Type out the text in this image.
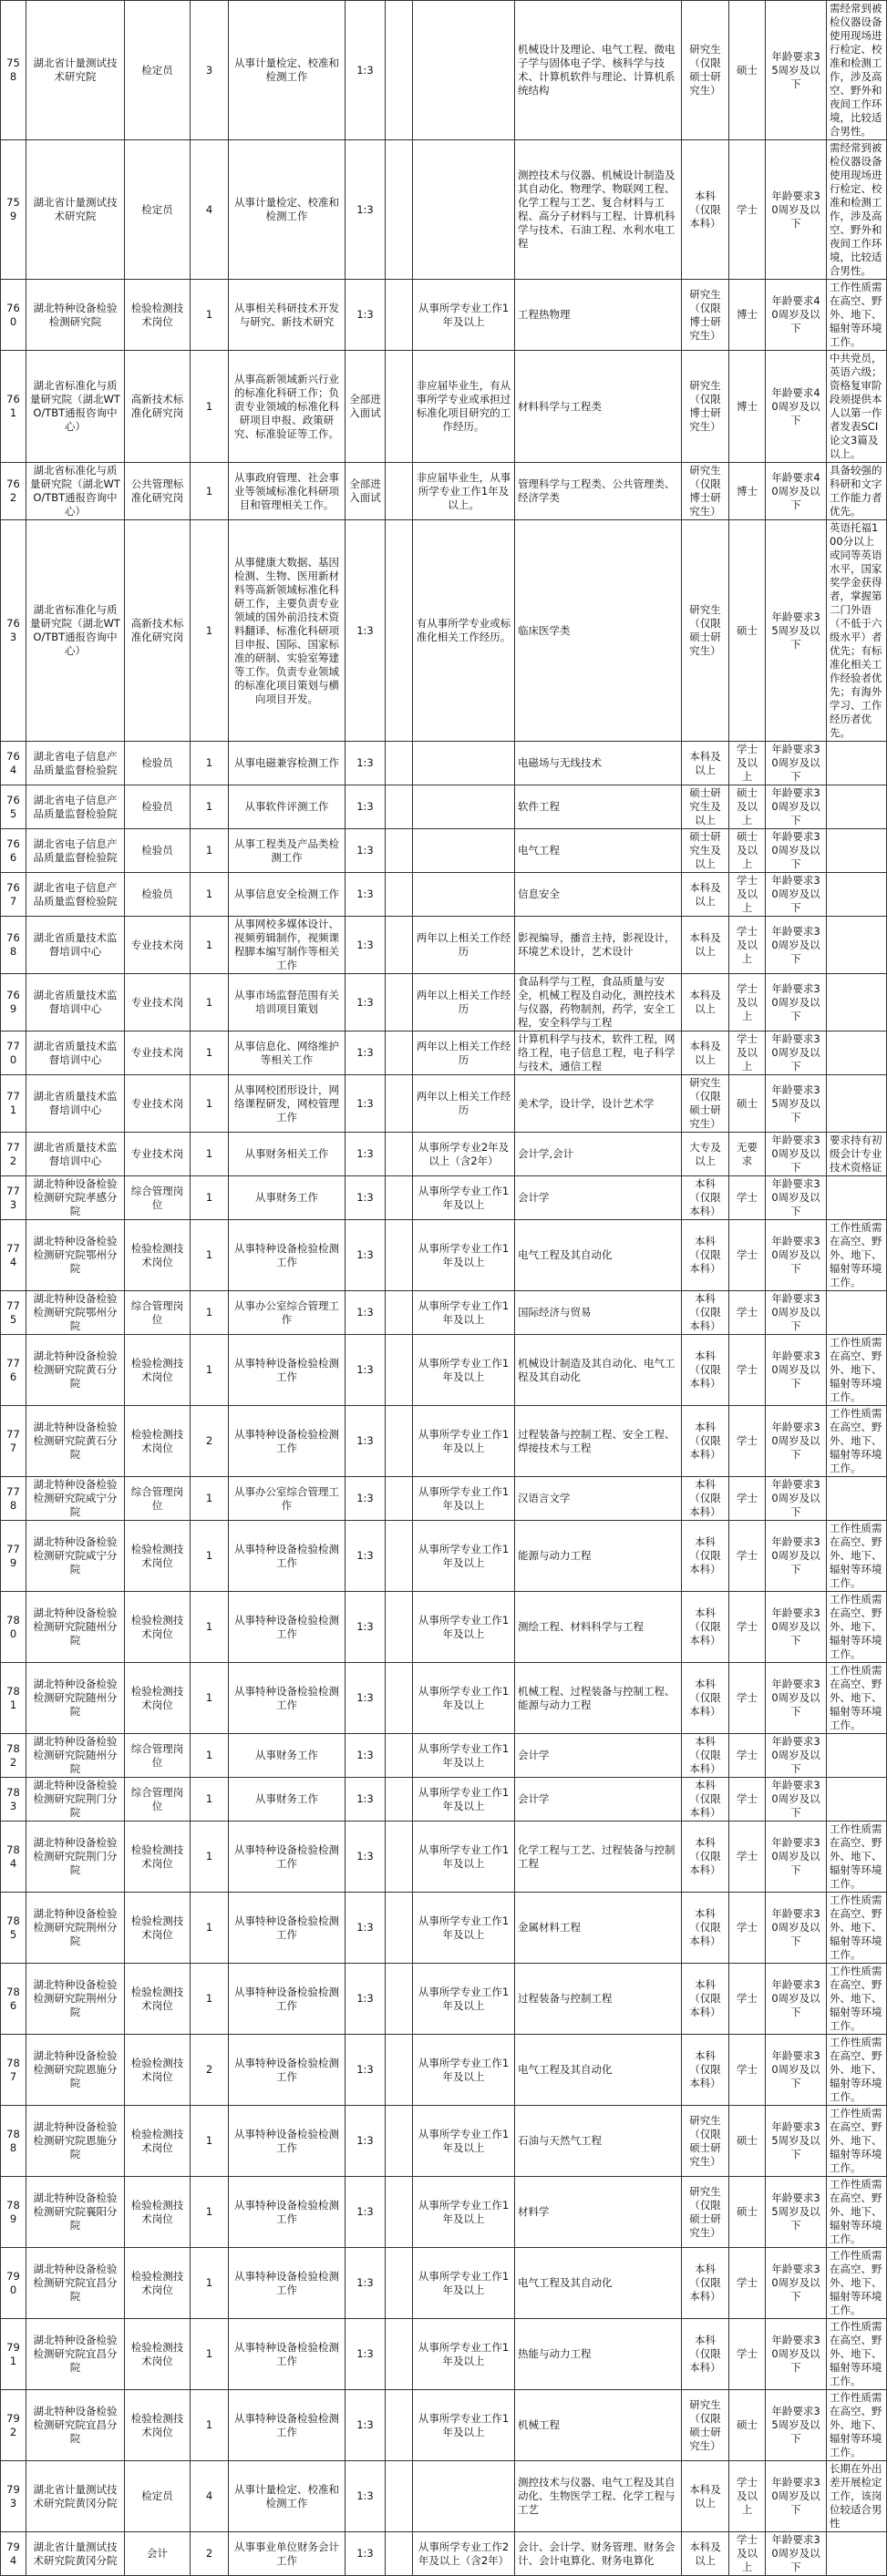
758	湖北省计量测试技术研究院	检定员	3	从事计量检定、校准和检测工作	1:3			机械设计及理论、电气工程、微电子学与固体电子学、核科学与技术、计算机软件与理论、计算机系统结构	研究生（仅限硕士研究生）	硕士	年龄要求35周岁及以下	需经常到被检仪器设备使用现场进行检定、校准和检测工作，涉及高空、野外和夜间工作环境，比较适合男性。
759	湖北省计量测试技术研究院	检定员	4	从事计量检定、校准和检测工作	1:3			测控技术与仪器、机械设计制造及其自动化、物理学、物联网工程、化学工程与工艺、复合材料与工程、高分子材料与工程、计算机科学与技术、石油工程、水利水电工程	本科（仅限本科）	学士	年龄要求30周岁及以下	需经常到被检仪器设备使用现场进行检定、校准和检测工作，涉及高空、野外和夜间工作环境，比较适合男性。
760	湖北特种设备检验检测研究院	检验检测技术岗位	1	从事相关科研技术开发与研究、新技术研究	1:3		从事所学专业工作1年及以上	工程热物理	研究生（仅限博士研究生）	博士	年龄要求40周岁及以下	工作性质需在高空、野外、地下、辐射等环境工作。
761	湖北省标准化与质量研究院（湖北WTO/TBT通报咨询中心）	高新技术标准化研究岗	1	从事高新领域新兴行业的标准化科研工作；负责专业领域的标准化科研项目申报、政策研究、标准验证等工作。	全部进入面试		非应届毕业生，有从事所学专业或承担过标准化项目研究的工作经历。	材料科学与工程类	研究生（仅限博士研究生）	博士	年龄要求40周岁及以下	中共党员，英语六级；资格复审阶段须提供本人以第一作者发表SCI论文3篇及以上。
762	湖北省标准化与质量研究院（湖北WTO/TBT通报咨询中心）	公共管理标准化研究岗	1	从事政府管理、社会事业等领域标准化科研项目和管理相关工作。	全部进入面试		非应届毕业生，从事所学专业工作1年及以上。	管理科学与工程类、公共管理类、经济学类	研究生（仅限博士研究生）	博士	年龄要求40周岁及以下	具备较强的科研和文字工作能力者优先。
763	湖北省标准化与质量研究院（湖北WTO/TBT通报咨询中心）	高新技术标准化研究岗	1	从事健康大数据、基因检测、生物、医用新材料等高新领域标准化科研工作，主要负责专业领域的国外前沿技术资料翻译、标准化科研项目申报、国际、国家标准的研制、实验室筹建等工作。负责专业领域的标准化项目策划与横向项目开发。	1:3		有从事所学专业或标准化相关工作经历。	临床医学类	研究生（仅限硕士研究生）	硕士	年龄要求35周岁及以下	英语托福100分以上或同等英语水平，国家奖学金获得者，掌握第二门外语（不低于六级水平）者优先；有标准化相关工作经验者优先；有海外学习、工作经历者优先。
764	湖北省电子信息产品质量监督检验院	检验员	1	从事电磁兼容检测工作	1:3			电磁场与无线技术	本科及以上	学士及以上	年龄要求30周岁及以下	
765	湖北省电子信息产品质量监督检验院	检验员	1	从事软件评测工作	1:3			软件工程	硕士研究生及以上	硕士及以上	年龄要求30周岁及以下	
766	湖北省电子信息产品质量监督检验院	检验员	1	从事工程类及产品类检测工作	1:3			电气工程	硕士研究生及以上	硕士及以上	年龄要求30周岁及以下	
767	湖北省电子信息产品质量监督检验院	检验员	1	从事信息安全检测工作	1:3			信息安全	本科及以上	学士及以上	年龄要求30周岁及以下	
768	湖北省质量技术监督培训中心	专业技术岗	1	从事网校多媒体设计、视频剪辑制作，视频课程脚本编写制作等相关工作	1:3		两年以上相关工作经历	影视编导，播音主持，影视设计，环境艺术设计，艺术设计	本科及以上	学士及以上	年龄要求30周岁及以下	
769	湖北省质量技术监督培训中心	专业技术岗	1	从事市场监督范围有关培训项目策划	1:3		两年以上相关工作经历	食品科学与工程，食品质量与安全，机械工程及自动化，测控技术与仪器，药物制剂，药学，安全工程，安全科学与工程	本科及以上	学士及以上	年龄要求30周岁及以下	
770	湖北省质量技术监督培训中心	专业技术岗	1	从事信息化、网络维护等相关工作	1:3		两年以上相关工作经历	计算机科学与技术，软件工程，网络工程，电子信息工程，电子科学与技术，通信工程	本科及以上	学士及以上	年龄要求30周岁及以下	
771	湖北省质量技术监督培训中心	专业技术岗	1	从事网校团形设计，网络课程研发，网校管理工作	1:3		两年以上相关工作经历	美术学，设计学，设计艺术学	研究生（仅限硕士研究生）	硕士	年龄要求35周岁及以下	
772	湖北省质量技术监督培训中心	专业技术岗	1	从事财务相关工作	1:3		从事所学专业2年及以上（含2年）	会计学,会计	大专及以上	无要求	年龄要求30周岁及以下	要求持有初级会计专业技术资格证
773	湖北特种设备检验检测研究院孝感分院	综合管理岗位	1	从事财务工作	1:3		从事所学专业工作1年及以上	会计学	本科（仅限本科）	学士	年龄要求30周岁及以下	
774	湖北特种设备检验检测研究院鄂州分院	检验检测技术岗位	1	从事特种设备检验检测工作	1:3		从事所学专业工作1年及以上	电气工程及其自动化	本科（仅限本科）	学士	年龄要求30周岁及以下	工作性质需在高空、野外、地下、辐射等环境工作。
775	湖北特种设备检验检测研究院鄂州分院	综合管理岗位	1	从事办公室综合管理工作	1:3		从事所学专业工作1年及以上	国际经济与贸易	本科（仅限本科）	学士	年龄要求30周岁及以下	
776	湖北特种设备检验检测研究院黄石分院	检验检测技术岗位	1	从事特种设备检验检测工作	1:3		从事所学专业工作1年及以上	机械设计制造及其自动化、电气工程及其自动化	本科（仅限本科）	学士	年龄要求30周岁及以下	工作性质需在高空、野外、地下、辐射等环境工作。
777	湖北特种设备检验检测研究院黄石分院	检验检测技术岗位	2	从事特种设备检验检测工作	1:3		从事所学专业工作1年及以上	过程装备与控制工程、安全工程、焊接技术与工程	本科（仅限本科）	学士	年龄要求30周岁及以下	工作性质需在高空、野外、地下、辐射等环境工作。
778	湖北特种设备检验检测研究院咸宁分院	综合管理岗位	1	从事办公室综合管理工作	1:3		从事所学专业工作1年及以上	汉语言文学	本科（仅限本科）	学士	年龄要求30周岁及以下	
779	湖北特种设备检验检测研究院咸宁分院	检验检测技术岗位	1	从事特种设备检验检测工作	1:3		从事所学专业工作1年及以上	能源与动力工程	本科（仅限本科）	学士	年龄要求30周岁及以下	工作性质需在高空、野外、地下、辐射等环境工作。
780	湖北特种设备检验检测研究院随州分院	检验检测技术岗位	1	从事特种设备检验检测工作	1:3		从事所学专业工作1年及以上	测绘工程、材料科学与工程	本科（仅限本科）	学士	年龄要求30周岁及以下	工作性质需在高空、野外、地下、辐射等环境工作。
781	湖北特种设备检验检测研究院随州分院	检验检测技术岗位	1	从事特种设备检验检测工作	1:3		从事所学专业工作1年及以上	机械工程、过程装备与控制工程、能源与动力工程	本科（仅限本科）	学士	年龄要求30周岁及以下	工作性质需在高空、野外、地下、辐射等环境工作。
782	湖北特种设备检验检测研究院随州分院	综合管理岗位	1	从事财务工作	1:3		从事所学专业工作1年及以上	会计学	本科（仅限本科）	学士	年龄要求30周岁及以下	
783	湖北特种设备检验检测研究院荆门分院	综合管理岗位	1	从事财务工作	1:3		从事所学专业工作1年及以上	会计学	本科（仅限本科）	学士	年龄要求30周岁及以下	
784	湖北特种设备检验检测研究院荆门分院	检验检测技术岗位	1	从事特种设备检验检测工作	1:3		从事所学专业工作1年及以上	化学工程与工艺、过程装备与控制工程	本科（仅限本科）	学士	年龄要求30周岁及以下	工作性质需在高空、野外、地下、辐射等环境工作。
785	湖北特种设备检验检测研究院荆州分院	检验检测技术岗位	1	从事特种设备检验检测工作	1:3		从事所学专业工作1年及以上	金属材料工程	本科（仅限本科）	学士	年龄要求30周岁及以下	工作性质需在高空、野外、地下、辐射等环境工作。
786	湖北特种设备检验检测研究院荆州分院	检验检测技术岗位	1	从事特种设备检验检测工作	1:3		从事所学专业工作1年及以上	过程装备与控制工程	本科（仅限本科）	学士	年龄要求30周岁及以下	工作性质需在高空、野外、地下、辐射等环境工作。
787	湖北特种设备检验检测研究院恩施分院	检验检测技术岗位	2	从事特种设备检验检测工作	1:3		从事所学专业工作1年及以上	电气工程及其自动化	本科（仅限本科）	学士	年龄要求30周岁及以下	工作性质需在高空、野外、地下、辐射等环境工作。
788	湖北特种设备检验检测研究院恩施分院	检验检测技术岗位	1	从事特种设备检验检测工作	1:3		从事所学专业工作1年及以上	石油与天然气工程	研究生（仅限硕士研究生）	硕士	年龄要求35周岁及以下	工作性质需在高空、野外、地下、辐射等环境工作。
789	湖北特种设备检验检测研究院襄阳分院	检验检测技术岗位	1	从事特种设备检验检测工作	1:3		从事所学专业工作1年及以上	材料学	研究生（仅限硕士研究生）	硕士	年龄要求35周岁及以下	工作性质需在高空、野外、地下、辐射等环境工作。
790	湖北特种设备检验检测研究院宜昌分院	检验检测技术岗位	1	从事特种设备检验检测工作	1:3		从事所学专业工作1年及以上	电气工程及其自动化	本科（仅限本科）	学士	年龄要求30周岁及以下	工作性质需在高空、野外、地下、辐射等环境工作。
791	湖北特种设备检验检测研究院宜昌分院	检验检测技术岗位	1	从事特种设备检验检测工作	1:3		从事所学专业工作1年及以上	热能与动力工程	本科（仅限本科）	学士	年龄要求30周岁及以下	工作性质需在高空、野外、地下、辐射等环境工作。
792	湖北特种设备检验检测研究院宜昌分院	检验检测技术岗位	1	从事特种设备检验检测工作	1:3		从事所学专业工作1年及以上	机械工程	研究生（仅限硕士研究生）	硕士	年龄要求35周岁及以下	工作性质需在高空、野外、地下、辐射等环境工作。
793	湖北省计量测试技术研究院黄冈分院	检定员	4	从事计量检定、校准和检测工作	1:3			测控技术与仪器、电气工程及其自动化、生物医学工程、化学工程与工艺	本科及以上	学士及以上	年龄要求30周岁及以下	长期在外出差开展检定工作，该岗位较适合男性
794	湖北省计量测试技术研究院黄冈分院	会计	2	从事事业单位财务会计工作	1:3		从事所学专业工作2年及以上（含2年）	会计、会计学、财务管理、财务会计、会计电算化、财务电算化	本科及以上	学士及以上	年龄要求30周岁及以下	
